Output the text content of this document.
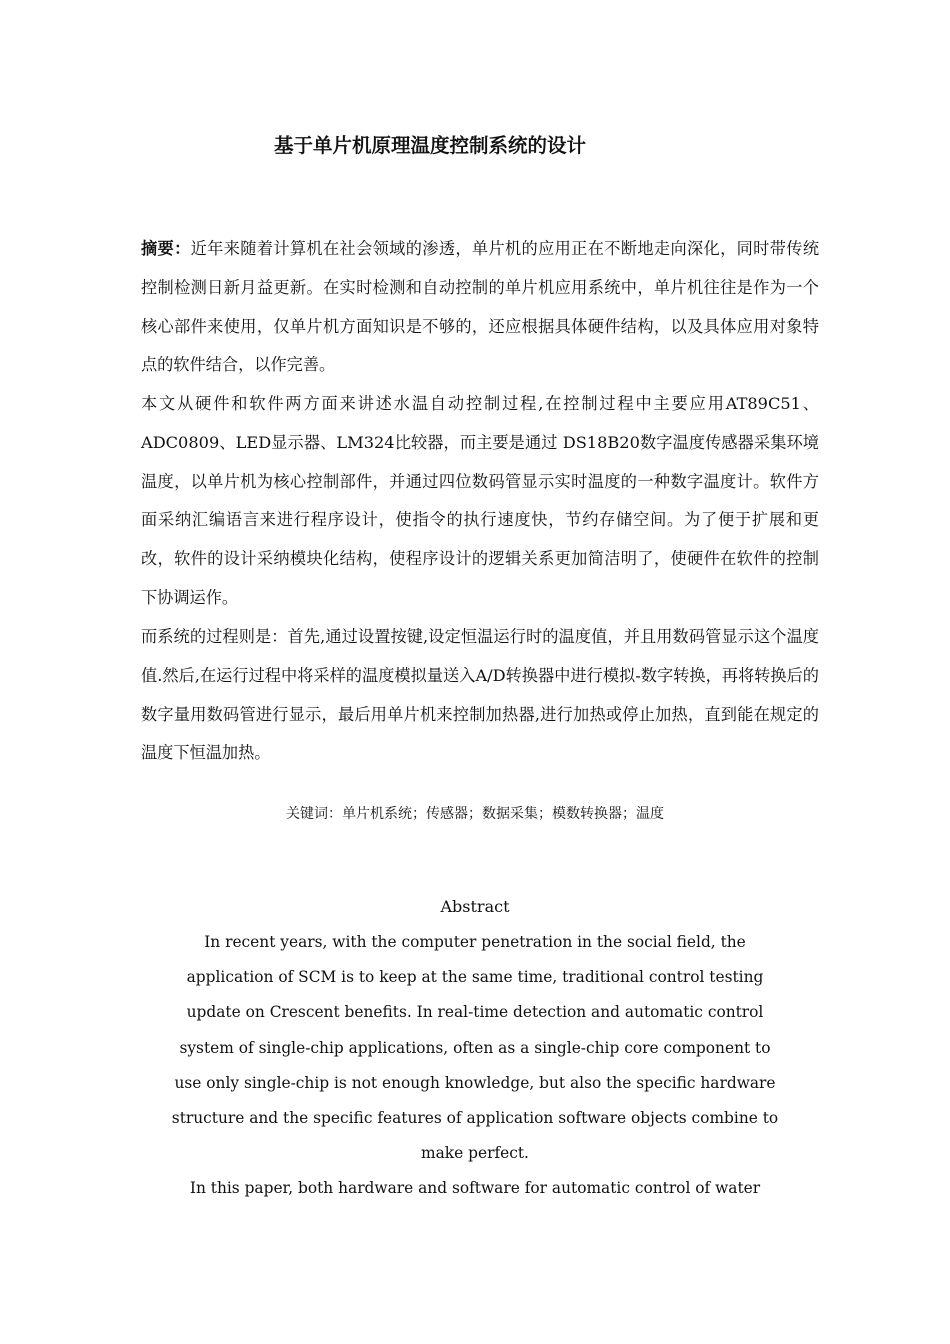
基于单片机原理温度控制系统的设计
摘要：近年来随着计算机在社会领域的渗透，单片机的应用正在不断地走向深化，同时带传统控制检测日新月益更新。在实时检测和自动控制的单片机应用系统中，单片机往往是作为一个核心部件来使用，仅单片机方面知识是不够的，还应根据具体硬件结构，以及具体应用对象特点的软件结合，以作完善。
本文从硬件和软件两方面来讲述水温自动控制过程,在控制过程中主要应用AT89C51、ADC0809、LED显示器、LM324比较器，而主要是通过 DS18B20数字温度传感器采集环境温度，以单片机为核心控制部件，并通过四位数码管显示实时温度的一种数字温度计。软件方面采纳汇编语言来进行程序设计，使指令的执行速度快，节约存储空间。为了便于扩展和更改，软件的设计采纳模块化结构，使程序设计的逻辑关系更加简洁明了，使硬件在软件的控制下协调运作。
而系统的过程则是：首先,通过设置按键,设定恒温运行时的温度值，并且用数码管显示这个温度值.然后,在运行过程中将采样的温度模拟量送入A/D转换器中进行模拟-数字转换，再将转换后的数字量用数码管进行显示，最后用单片机来控制加热器,进行加热或停止加热，直到能在规定的温度下恒温加热。
关键词：单片机系统；传感器；数据采集；模数转换器；温度
Abstract
In recent years, with the computer penetration in the social field, the
application of SCM is to keep at the same time, traditional control testing
update on Crescent benefits. In real-time detection and automatic control
system of single-chip applications, often as a single-chip core component to
use only single-chip is not enough knowledge, but also the specific hardware
structure and the specific features of application software objects combine to
make perfect.
In this paper, both hardware and software for automatic control of water
